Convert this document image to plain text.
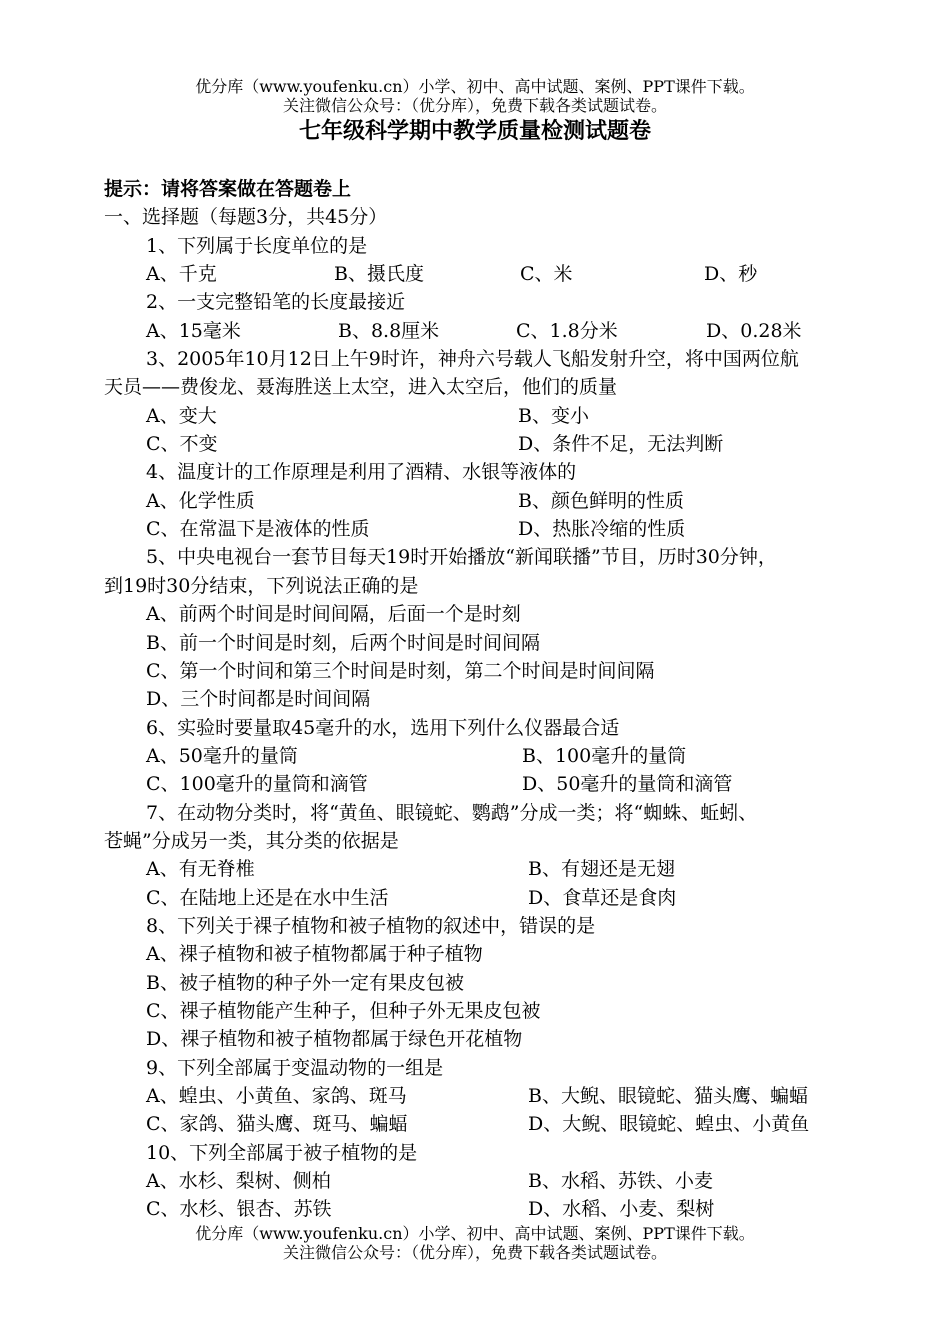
优分库（www.youfenku.cn）小学、初中、高中试题、案例、PPT课件下载。
关注微信公众号：（优分库），免费下载各类试题试卷。
七年级科学期中教学质量检测试题卷
提示：请将答案做在答题卷上
一、选择题（每题3分，共45分）
1、下列属于长度单位的是
A、千克	B、摄氏度	C、米	D、秒
2、一支完整铅笔的长度最接近
A、15毫米	B、8.8厘米	C、1.8分米	D、0.28米
3、2005年10月12日上午9时许，神舟六号载人飞船发射升空，将中国两位航
天员——费俊龙、聂海胜送上太空，进入太空后，他们的质量
A、变大	B、变小
C、不变	D、条件不足，无法判断
4、温度计的工作原理是利用了酒精、水银等液体的
A、化学性质	B、颜色鲜明的性质
C、在常温下是液体的性质	D、热胀冷缩的性质
5、中央电视台一套节目每天19时开始播放“新闻联播”节目，历时30分钟，
到19时30分结束，下列说法正确的是
A、前两个时间是时间间隔，后面一个是时刻
B、前一个时间是时刻，后两个时间是时间间隔
C、第一个时间和第三个时间是时刻，第二个时间是时间间隔
D、三个时间都是时间间隔
6、实验时要量取45毫升的水，选用下列什么仪器最合适
A、50毫升的量筒	B、100毫升的量筒
C、100毫升的量筒和滴管	D、50毫升的量筒和滴管
7、在动物分类时，将“黄鱼、眼镜蛇、鹦鹉”分成一类；将“蜘蛛、蚯蚓、
苍蝇”分成另一类，其分类的依据是
A、有无脊椎	B、有翅还是无翅
C、在陆地上还是在水中生活	D、食草还是食肉
8、下列关于裸子植物和被子植物的叙述中，错误的是
A、裸子植物和被子植物都属于种子植物
B、被子植物的种子外一定有果皮包被
C、裸子植物能产生种子，但种子外无果皮包被
D、裸子植物和被子植物都属于绿色开花植物
9、下列全部属于变温动物的一组是
A、蝗虫、小黄鱼、家鸽、斑马	B、大鲵、眼镜蛇、猫头鹰、蝙蝠
C、家鸽、猫头鹰、斑马、蝙蝠	D、大鲵、眼镜蛇、蝗虫、小黄鱼
10、下列全部属于被子植物的是
A、水杉、梨树、侧柏	B、水稻、苏铁、小麦
C、水杉、银杏、苏铁	D、水稻、小麦、梨树
优分库（www.youfenku.cn）小学、初中、高中试题、案例、PPT课件下载。
关注微信公众号：（优分库），免费下载各类试题试卷。
